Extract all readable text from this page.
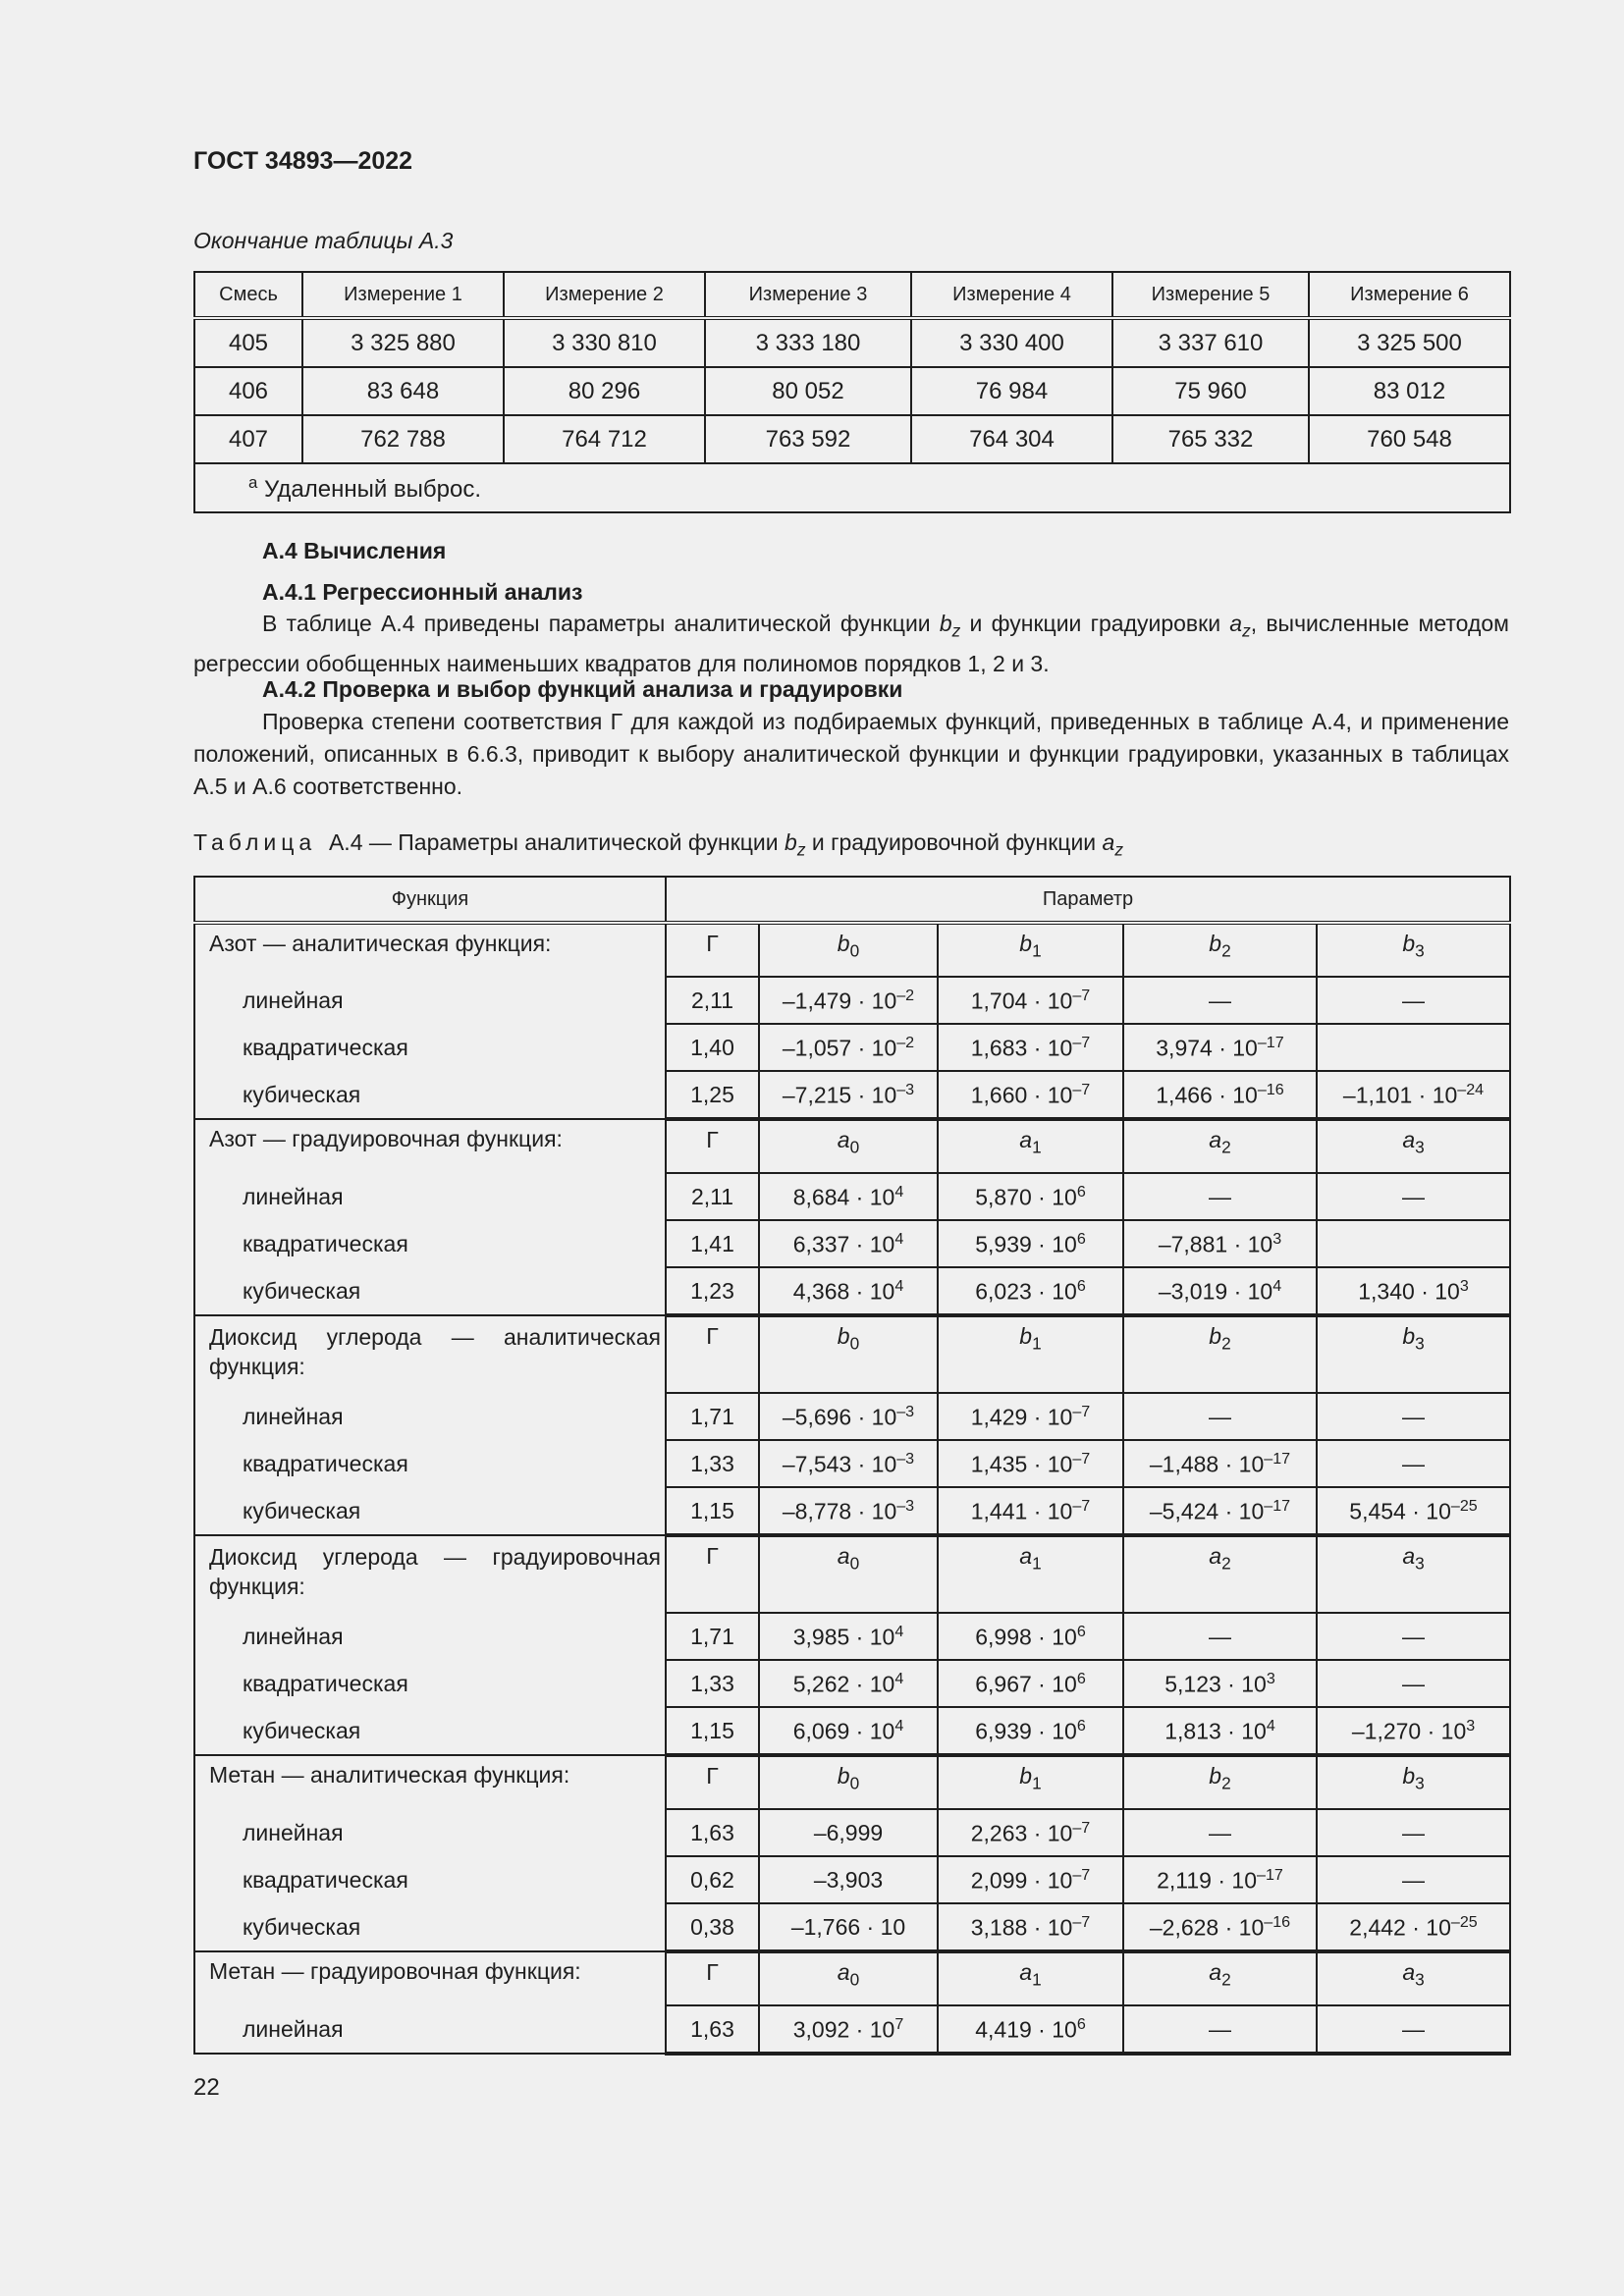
ГОСТ 34893—2022
Окончание таблицы А.3
Смесь	Измерение 1	Измерение 2	Измерение 3	Измерение 4	Измерение 5	Измерение 6
405	3 325 880	3 330 810	3 333 180	3 330 400	3 337 610	3 325 500
406	83 648	80 296	80 052	76 984	75 960	83 012
407	762 788	764 712	763 592	764 304	765 332	760 548
$^a$ Удаленный выброс.						
А.4 Вычисления
А.4.1 Регрессионный анализ
В таблице А.4 приведены параметры аналитической функции $b_z$ и функции градуировки $a_z$, вычисленные методом регрессии обобщенных наименьших квадратов для полиномов порядков 1, 2 и 3.
А.4.2 Проверка и выбор функций анализа и градуировки
Проверка степени соответствия Г для каждой из подбираемых функций, приведенных в таблице А.4, и применение положений, описанных в 6.6.3, приводит к выбору аналитической функции и функции градуировки, указанных в таблицах А.5 и А.6 соответственно.
Таблица А.4 — Параметры аналитической функции $b_z$ и градуировочной функции $a_z$
Функция	Параметр				
Азот — аналитическая функция:	Г	$b_0$	$b_1$	$b_2$	$b_3$
линейная	2,11	$-1,479 \cdot 10^{-2}$	$1,704 \cdot 10^{-7}$	—	—
квадратическая	1,40	$-1,057 \cdot 10^{-2}$	$1,683 \cdot 10^{-7}$	$3,974 \cdot 10^{-17}$	
кубическая	1,25	$-7,215 \cdot 10^{-3}$	$1,660 \cdot 10^{-7}$	$1,466 \cdot 10^{-16}$	$-1,101 \cdot 10^{-24}$
Азот — градуировочная функция:	Г	$a_0$	$a_1$	$a_2$	$a_3$
линейная	2,11	$8,684 \cdot 10^4$	$5,870 \cdot 10^6$	—	—
квадратическая	1,41	$6,337 \cdot 10^4$	$5,939 \cdot 10^6$	$-7,881 \cdot 10^3$	
кубическая	1,23	$4,368 \cdot 10^4$	$6,023 \cdot 10^6$	$-3,019 \cdot 10^4$	$1,340 \cdot 10^3$
Диоксид углерода — аналитическая функция:	Г	$b_0$	$b_1$	$b_2$	$b_3$
линейная	1,71	$-5,696 \cdot 10^{-3}$	$1,429 \cdot 10^{-7}$	—	—
квадратическая	1,33	$-7,543 \cdot 10^{-3}$	$1,435 \cdot 10^{-7}$	$-1,488 \cdot 10^{-17}$	—
кубическая	1,15	$-8,778 \cdot 10^{-3}$	$1,441 \cdot 10^{-7}$	$-5,424 \cdot 10^{-17}$	$5,454 \cdot 10^{-25}$
Диоксид углерода — градуировочная функция:	Г	$a_0$	$a_1$	$a_2$	$a_3$
линейная	1,71	$3,985 \cdot 10^4$	$6,998 \cdot 10^6$	—	—
квадратическая	1,33	$5,262 \cdot 10^4$	$6,967 \cdot 10^6$	$5,123 \cdot 10^3$	—
кубическая	1,15	$6,069 \cdot 10^4$	$6,939 \cdot 10^6$	$1,813 \cdot 10^4$	$-1,270 \cdot 10^3$
Метан — аналитическая функция:	Г	$b_0$	$b_1$	$b_2$	$b_3$
линейная	1,63	–6,999	$2,263 \cdot 10^{-7}$	—	—
квадратическая	0,62	–3,903	$2,099 \cdot 10^{-7}$	$2,119 \cdot 10^{-17}$	—
кубическая	0,38	–1,766 · 10	$3,188 \cdot 10^{-7}$	$-2,628 \cdot 10^{-16}$	$2,442 \cdot 10^{-25}$
Метан — градуировочная функция:	Г	$a_0$	$a_1$	$a_2$	$a_3$
линейная	1,63	$3,092 \cdot 10^7$	$4,419 \cdot 10^6$	—	—
22
